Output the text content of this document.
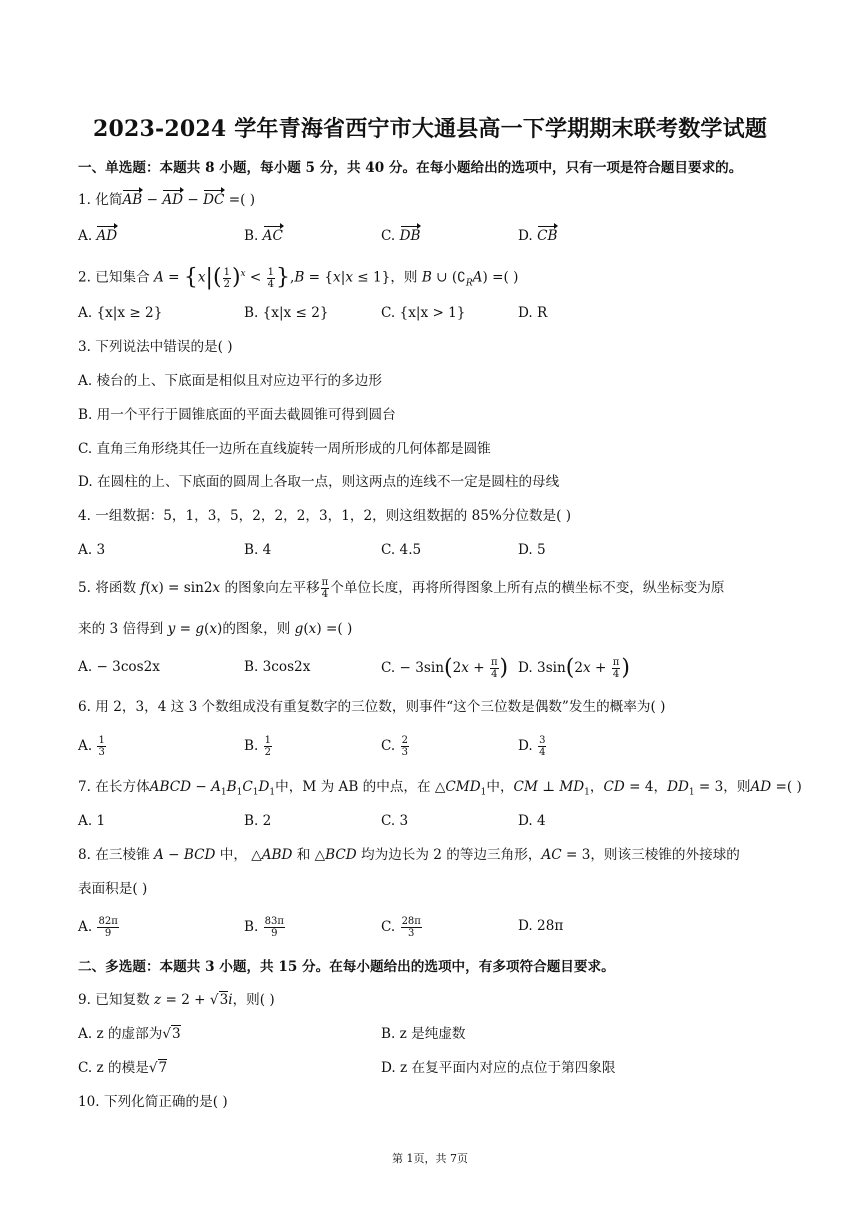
2023-2024 学年青海省西宁市大通县高一下学期期末联考数学试题
一、单选题：本题共 8 小题，每小题 5 分，共 40 分。在每小题给出的选项中，只有一项是符合题目要求的。
1. 化简AB − AD − DC =( )
A. AD	B. AC	C. DB	D. CB
2. 已知集合 $A = \{x|( \frac{1}{2} )^x < \frac{1}{4} \},B = \{x|x \le 1\}$，则 B ∪ $(∁_RA)$ =( )
A. {x|x ≥ 2}	B. {x|x ≤ 2}	C. {x|x > 1}	D. R
3. 下列说法中错误的是( )
A. 棱台的上、下底面是相似且对应边平行的多边形
B. 用一个平行于圆锥底面的平面去截圆锥可得到圆台
C. 直角三角形绕其任一边所在直线旋转一周所形成的几何体都是圆锥
D. 在圆柱的上、下底面的圆周上各取一点，则这两点的连线不一定是圆柱的母线
4. 一组数据：5，1，3，5，2，2，2，3，1，2，则这组数据的 85%分位数是( )
A. 3	B. 4	C. 4.5	D. 5
5. 将函数 f(x) = sin2x 的图象向左平移 $\frac{\pi}{4}$ 个单位长度，再将所得图象上所有点的横坐标不变，纵坐标变为原
来的 3 倍得到 y = g(x)的图象，则 g(x) =( )
A. − 3cos2x	B. 3cos2x	C. − $3\sin(2x + \frac{\pi}{4}$ ) D. $3\sin(2x + \frac{\pi}{4}$ )
6. 用 2，3，4 这 3 个数组成没有重复数字的三位数，则事件“这个三位数是偶数”发生的概率为( )
A. $\frac{1}{3}$	B. $\frac{1}{2}$	C. $\frac{2}{3}$	D. $\frac{3}{4}$
7. 在长方体ABCD − $A_1B_1C_1D_1$中，M 为 AB 的中点，在 $\triangle CMD_1$中，CM ⊥ $MD_1$，CD = 4，$DD_1 = 3$，则AD =( )
A. 1	B. 2	C. 3	D. 4
8. 在三棱锥 A − BCD 中， △ABD 和 △BCD 均为边长为 2 的等边三角形，AC = 3，则该三棱锥的外接球的
表面积是( )
A. $\frac{82\pi}{9}$	B. $\frac{83\pi}{9}$	C. $\frac{28\pi}{3}$	D. 28π
二、多选题：本题共 3 小题，共 15 分。在每小题给出的选项中，有多项符合题目要求。
9. 已知复数 z = 2 + √3i，则( )
A. z 的虚部为√3	B. z 是纯虚数
C. z 的模是√7	D. z 在复平面内对应的点位于第四象限
10. 下列化简正确的是( )
第 1页，共 7页
